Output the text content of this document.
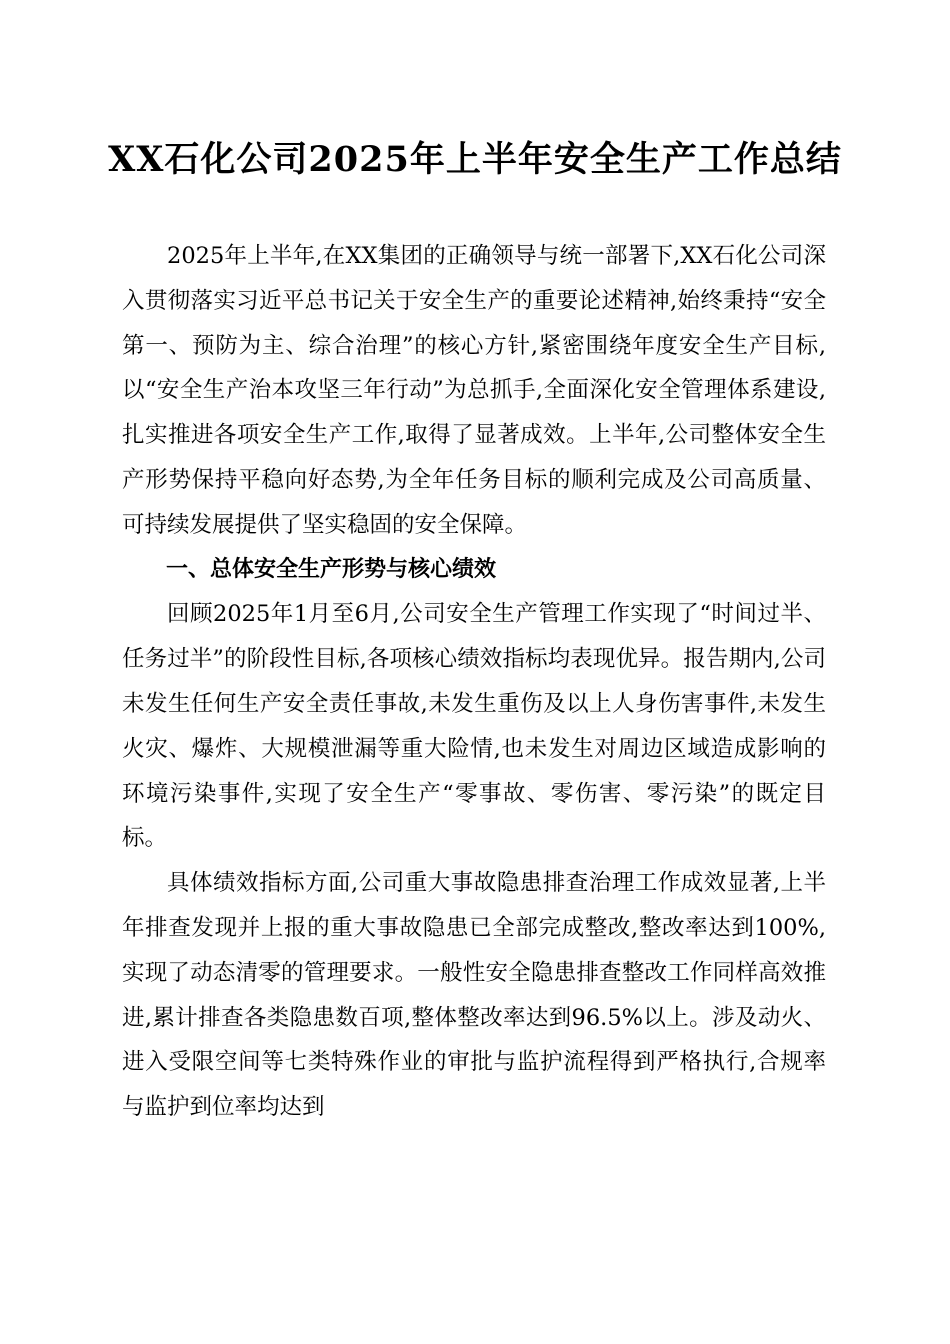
XX石化公司2025年上半年安全生产工作总结

2025年上半年,在XX集团的正确领导与统一部署下,XX石化公司深入贯彻落实习近平总书记关于安全生产的重要论述精神,始终秉持“安全第一、预防为主、综合治理”的核心方针,紧密围绕年度安全生产目标,以“安全生产治本攻坚三年行动”为总抓手,全面深化安全管理体系建设,扎实推进各项安全生产工作,取得了显著成效。上半年,公司整体安全生产形势保持平稳向好态势,为全年任务目标的顺利完成及公司高质量、可持续发展提供了坚实稳固的安全保障。

一、总体安全生产形势与核心绩效

回顾2025年1月至6月,公司安全生产管理工作实现了“时间过半、任务过半”的阶段性目标,各项核心绩效指标均表现优异。报告期内,公司未发生任何生产安全责任事故,未发生重伤及以上人身伤害事件,未发生火灾、爆炸、大规模泄漏等重大险情,也未发生对周边区域造成影响的环境污染事件,实现了安全生产“零事故、零伤害、零污染”的既定目标。

具体绩效指标方面,公司重大事故隐患排查治理工作成效显著,上半年排查发现并上报的重大事故隐患已全部完成整改,整改率达到100%,实现了动态清零的管理要求。一般性安全隐患排查整改工作同样高效推进,累计排查各类隐患数百项,整体整改率达到96.5%以上。涉及动火、进入受限空间等七类特殊作业的审批与监护流程得到严格执行,合规率与监护到位率均达到
